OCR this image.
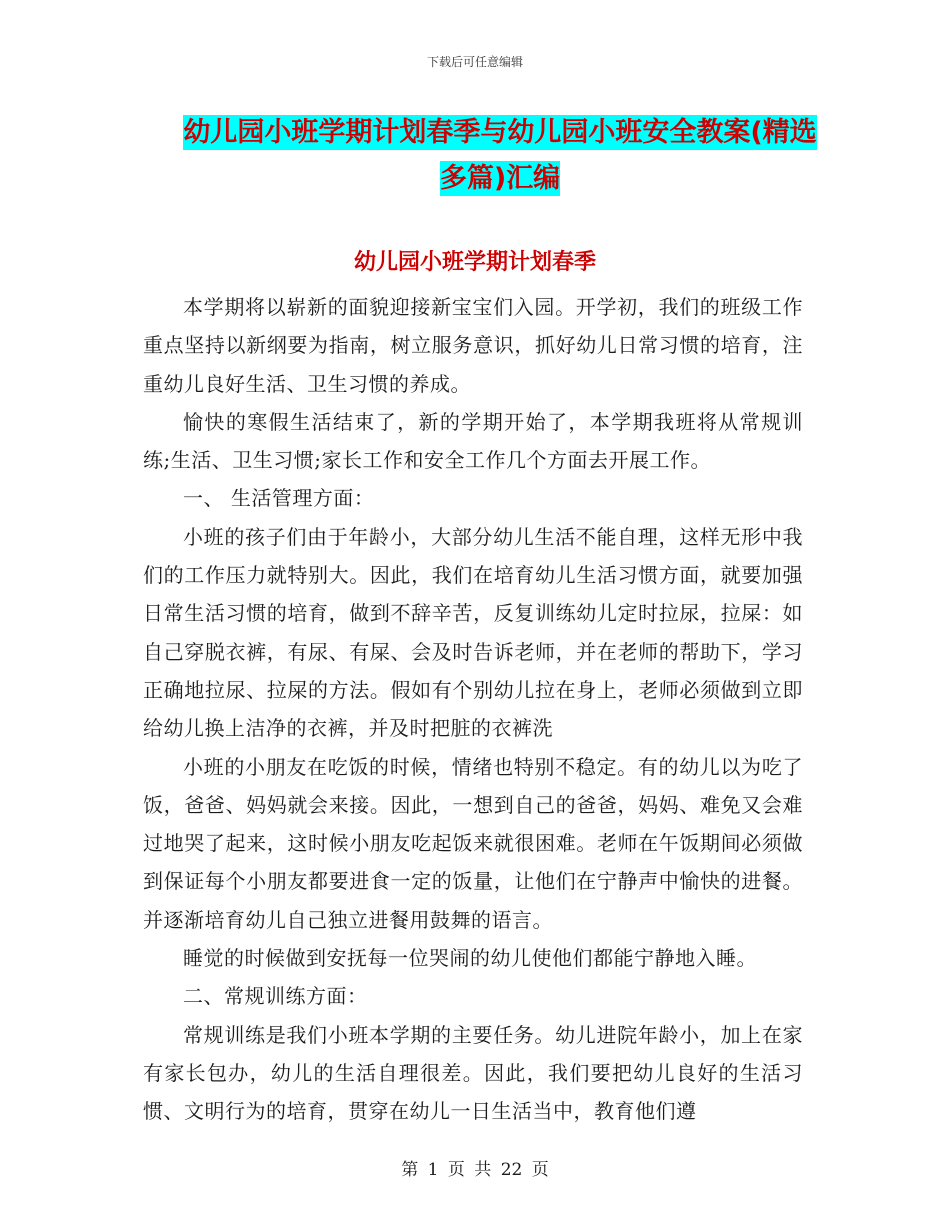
下载后可任意编辑
幼儿园小班学期计划春季与幼儿园小班安全教案(精选多篇)汇编
幼儿园小班学期计划春季

本学期将以崭新的面貌迎接新宝宝们入园。开学初，我们的班级工作重点坚持以新纲要为指南，树立服务意识，抓好幼儿日常习惯的培育，注重幼儿良好生活、卫生习惯的养成。

愉快的寒假生活结束了，新的学期开始了，本学期我班将从常规训练;生活、卫生习惯;家长工作和安全工作几个方面去开展工作。

一、 生活管理方面：

小班的孩子们由于年龄小，大部分幼儿生活不能自理，这样无形中我们的工作压力就特别大。因此，我们在培育幼儿生活习惯方面，就要加强日常生活习惯的培育，做到不辞辛苦，反复训练幼儿定时拉尿，拉屎：如自己穿脱衣裤，有尿、有屎、会及时告诉老师，并在老师的帮助下，学习正确地拉尿、拉屎的方法。假如有个别幼儿拉在身上，老师必须做到立即给幼儿换上洁净的衣裤，并及时把脏的衣裤洗

小班的小朋友在吃饭的时候，情绪也特别不稳定。有的幼儿以为吃了饭，爸爸、妈妈就会来接。因此，一想到自己的爸爸，妈妈、难免又会难过地哭了起来，这时候小朋友吃起饭来就很困难。老师在午饭期间必须做到保证每个小朋友都要进食一定的饭量，让他们在宁静声中愉快的进餐。并逐渐培育幼儿自己独立进餐用鼓舞的语言。

睡觉的时候做到安抚每一位哭闹的幼儿使他们都能宁静地入睡。

二、常规训练方面：

常规训练是我们小班本学期的主要任务。幼儿进院年龄小，加上在家有家长包办，幼儿的生活自理很差。因此，我们要把幼儿良好的生活习惯、文明行为的培育，贯穿在幼儿一日生活当中，教育他们遵

第 1 页 共 22 页
